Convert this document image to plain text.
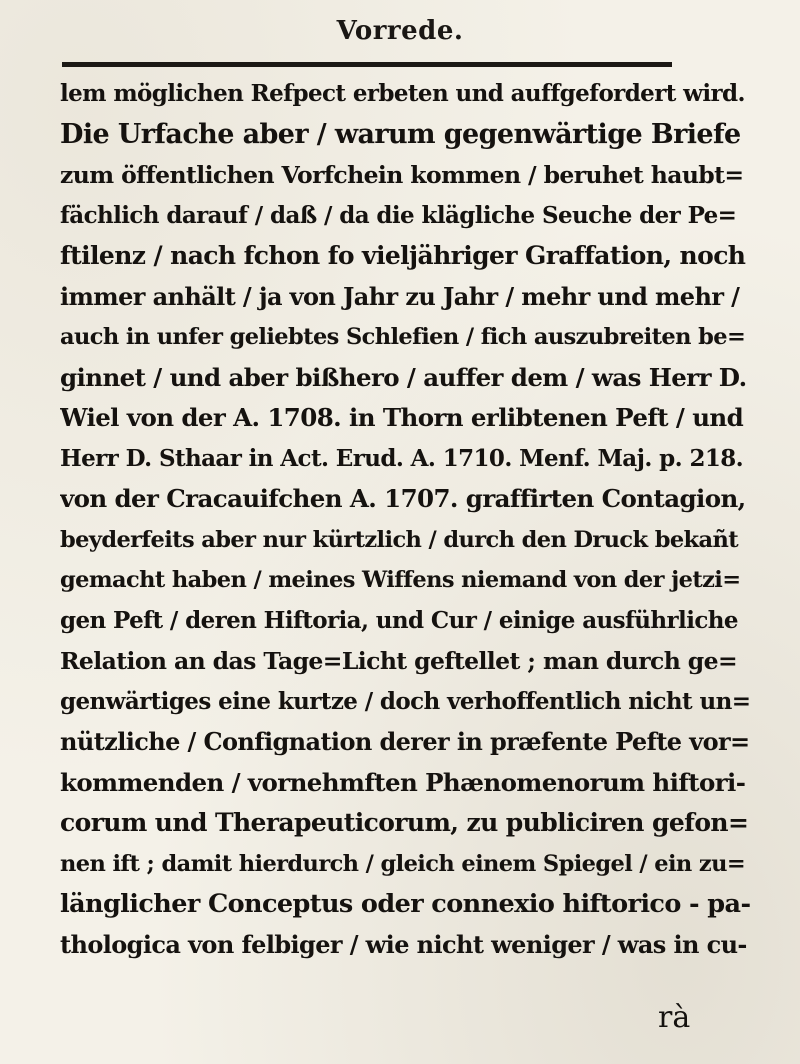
Vorrede.
lem möglichen Refpect erbeten und auffgefordert wird.
Die Urfache aber / warum gegenwärtige Briefe
zum öffentlichen Vorfchein kommen / beruhet haubt=
fächlich darauf / daß / da die klägliche Seuche der Pe=
ftilenz / nach fchon fo vieljähriger Graffation, noch
immer anhält / ja von Jahr zu Jahr / mehr und mehr /
auch in unfer geliebtes Schlefien / fich auszubreiten be=
ginnet / und aber bißhero / auffer dem / was Herr D.
Wiel von der A. 1708. in Thorn erlibtenen Peft / und
Herr D. Sthaar in Act. Erud. A. 1710. Menf. Maj. p. 218.
von der Cracauifchen A. 1707. graffirten Contagion,
beyderfeits aber nur kürtzlich / durch den Druck bekañt
gemacht haben / meines Wiffens niemand von der jetzi=
gen Peft / deren Hiftoria, und Cur / einige ausführliche
Relation an das Tage=Licht geftellet ; man durch ge=
genwärtiges eine kurtze / doch verhoffentlich nicht un=
nützliche / Confignation derer in præfente Pefte vor=
kommenden / vornehmften Phænomenorum hiftori-
corum und Therapeuticorum, zu publiciren gefon=
nen ift ; damit hierdurch / gleich einem Spiegel / ein zu=
länglicher Conceptus oder connexio hiftorico - pa-
thologica von felbiger / wie nicht weniger / was in cu-
rà
